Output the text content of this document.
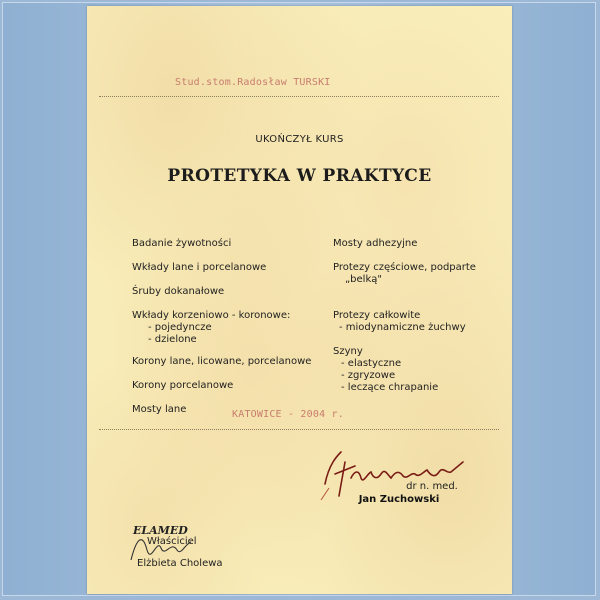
Stud.stom.Radosław TURSKI
UKOŃCZYŁ KURS
PROTETYKA W PRAKTYCE
Badanie żywotności
Wkłady lane i porcelanowe
Śruby dokanałowe
Wkłady korzeniowo - koronowe:
- pojedyncze
- dzielone
Korony lane, licowane, porcelanowe
Korony porcelanowe
Mosty lane
Mosty adhezyjne
Protezy częściowe, podparte
„belką"
Protezy całkowite
- miodynamiczne żuchwy
Szyny
- elastyczne
- zgryzowe
- leczące chrapanie
KATOWICE - 2004 r.
dr n. med.
Jan Zuchowski
ELAMED
Właściciel
Elżbieta Cholewa
